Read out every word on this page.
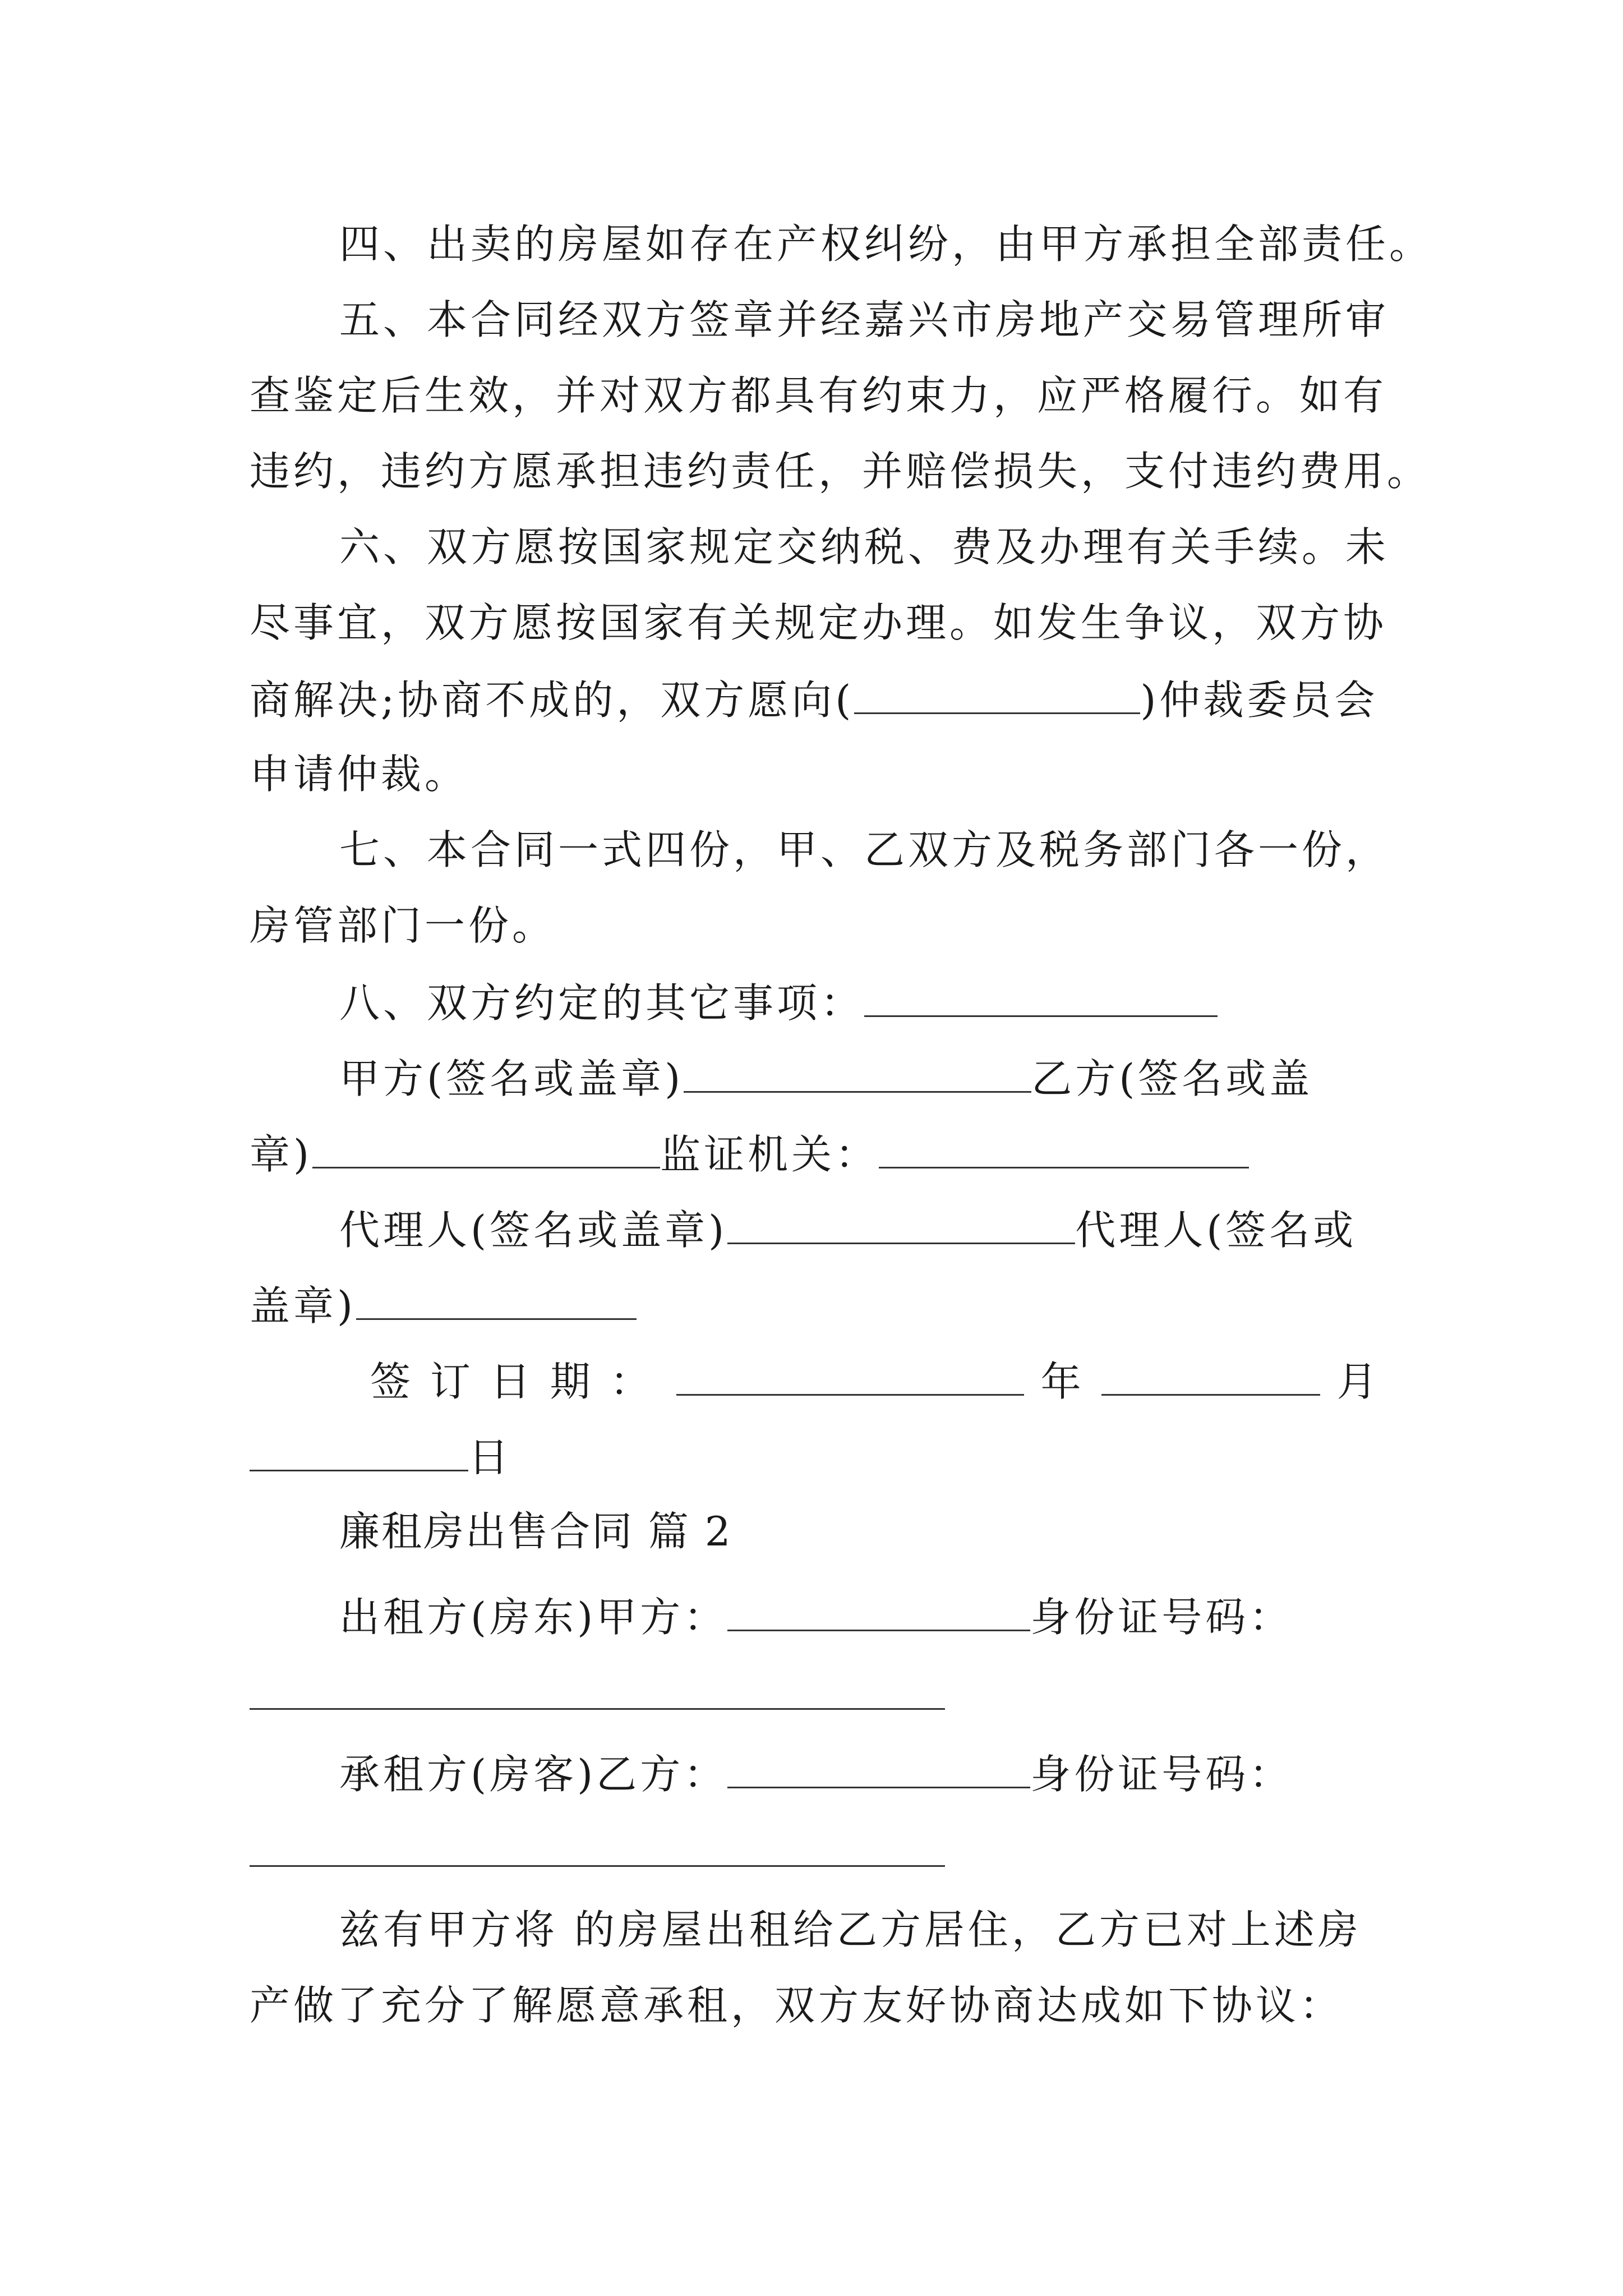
四、出卖的房屋如存在产权纠纷，由甲方承担全部责任。
五、本合同经双方签章并经嘉兴市房地产交易管理所审
查鉴定后生效，并对双方都具有约束力，应严格履行。如有
违约，违约方愿承担违约责任，并赔偿损失，支付违约费用。
六、双方愿按国家规定交纳税、费及办理有关手续。未
尽事宜，双方愿按国家有关规定办理。如发生争议，双方协
商解决;协商不成的，双方愿向(	)仲裁委员会
申请仲裁。
七、本合同一式四份，甲、乙双方及税务部门各一份，
房管部门一份。
八、双方约定的其它事项：
甲方(签名或盖章)	乙方(签名或盖
章)	监证机关：
代理人(签名或盖章)	代理人(签名或
盖章)
签 订 日 期 ：	年	月
日
廉租房出售合同 篇 2
出租方(房东)甲方：	身份证号码：
承租方(房客)乙方：	身份证号码：
兹有甲方将 的房屋出租给乙方居住，乙方已对上述房
产做了充分了解愿意承租，双方友好协商达成如下协议：
